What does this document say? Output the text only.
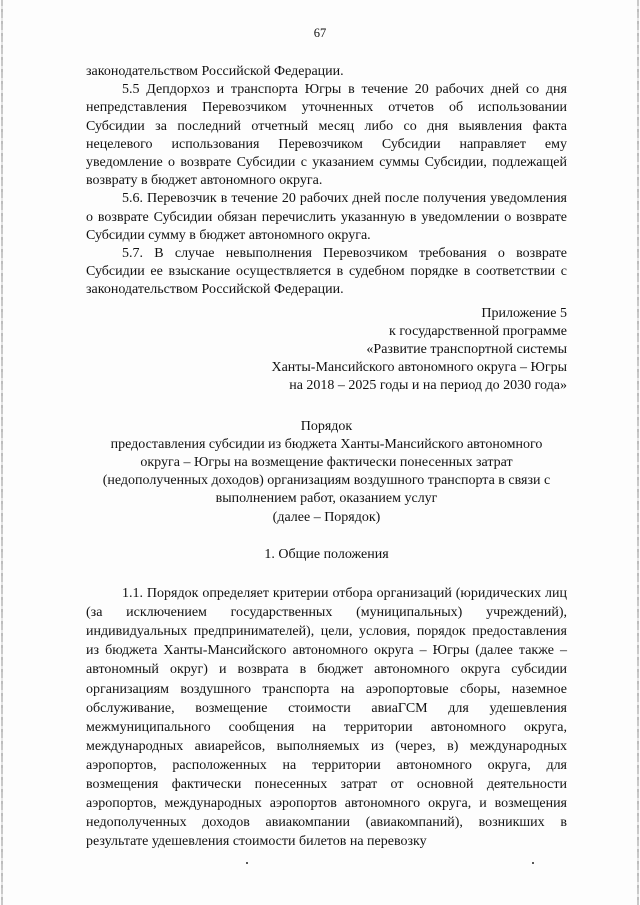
67

законодательством Российской Федерации.

5.5 Депдорхоз и транспорта Югры в течение 20 рабочих дней со дня непредставления Перевозчиком уточненных отчетов об использовании Субсидии за последний отчетный месяц либо со дня выявления факта нецелевого использования Перевозчиком Субсидии направляет ему уведомление о возврате Субсидии с указанием суммы Субсидии, подлежащей возврату в бюджет автономного округа.

5.6. Перевозчик в течение 20 рабочих дней после получения уведомления о возврате Субсидии обязан перечислить указанную в уведомлении о возврате Субсидии сумму в бюджет автономного округа.

5.7. В случае невыполнения Перевозчиком требования о возврате Субсидии ее взыскание осуществляется в судебном порядке в соответствии с законодательством Российской Федерации.

Приложение 5
к государственной программе
«Развитие транспортной системы
Ханты-Мансийского автономного округа – Югры
на 2018 – 2025 годы и на период до 2030 года»
Порядок
предоставления субсидии из бюджета Ханты-Мансийского автономного
округа – Югры на возмещение фактически понесенных затрат
(недополученных доходов) организациям воздушного транспорта в связи с
выполнением работ, оказанием услуг
(далее – Порядок)
1. Общие положения

1.1. Порядок определяет критерии отбора организаций (юридических лиц (за исключением государственных (муниципальных) учреждений), индивидуальных предпринимателей), цели, условия, порядок предоставления из бюджета Ханты-Мансийского автономного округа – Югры (далее также – автономный округ) и возврата в бюджет автономного округа субсидии организациям воздушного транспорта на аэропортовые сборы, наземное обслуживание, возмещение стоимости авиаГСМ для удешевления межмуниципального сообщения на территории автономного округа, международных авиарейсов, выполняемых из (через, в) международных аэропортов, расположенных на территории автономного округа, для возмещения фактически понесенных затрат от основной деятельности аэропортов, международных аэропортов автономного округа, и возмещения недополученных доходов авиакомпании (авиакомпаний), возникших в результате удешевления стоимости билетов на перевозку
